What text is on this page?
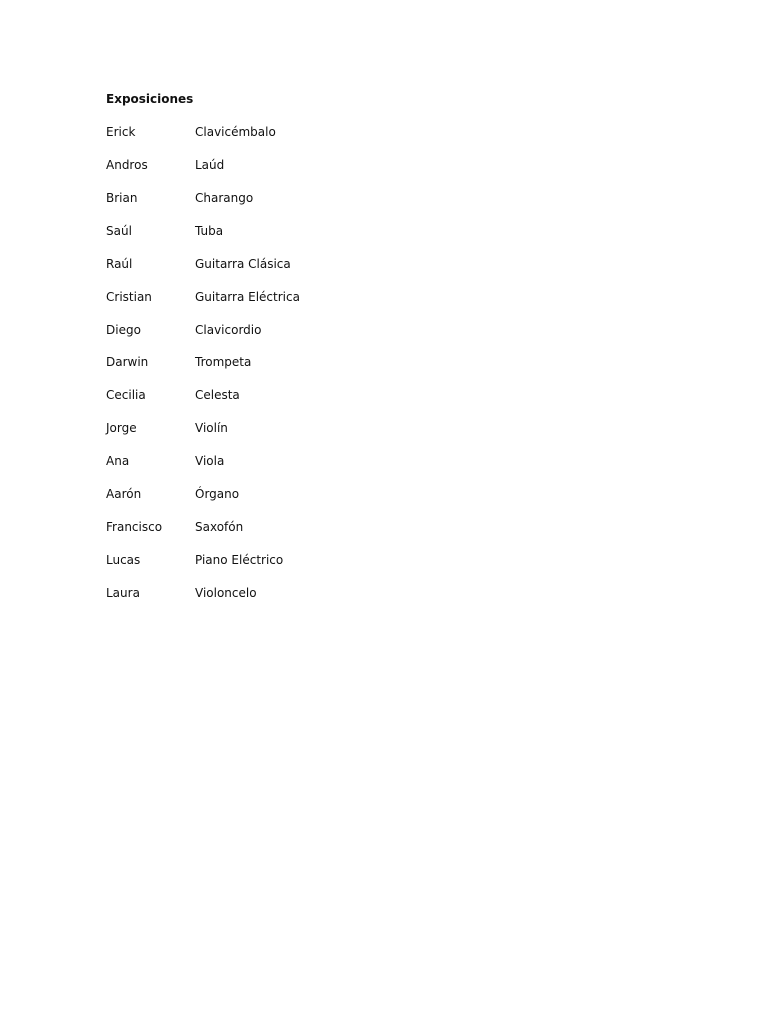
Exposiciones
Erick	Clavicémbalo
Andros	Laúd
Brian	Charango
Saúl	Tuba
Raúl	Guitarra Clásica
Cristian	Guitarra Eléctrica
Diego	Clavicordio
Darwin	Trompeta
Cecilia	Celesta
Jorge	Violín
Ana	Viola
Aarón	Órgano
Francisco	Saxofón
Lucas	Piano Eléctrico
Laura	Violoncelo
